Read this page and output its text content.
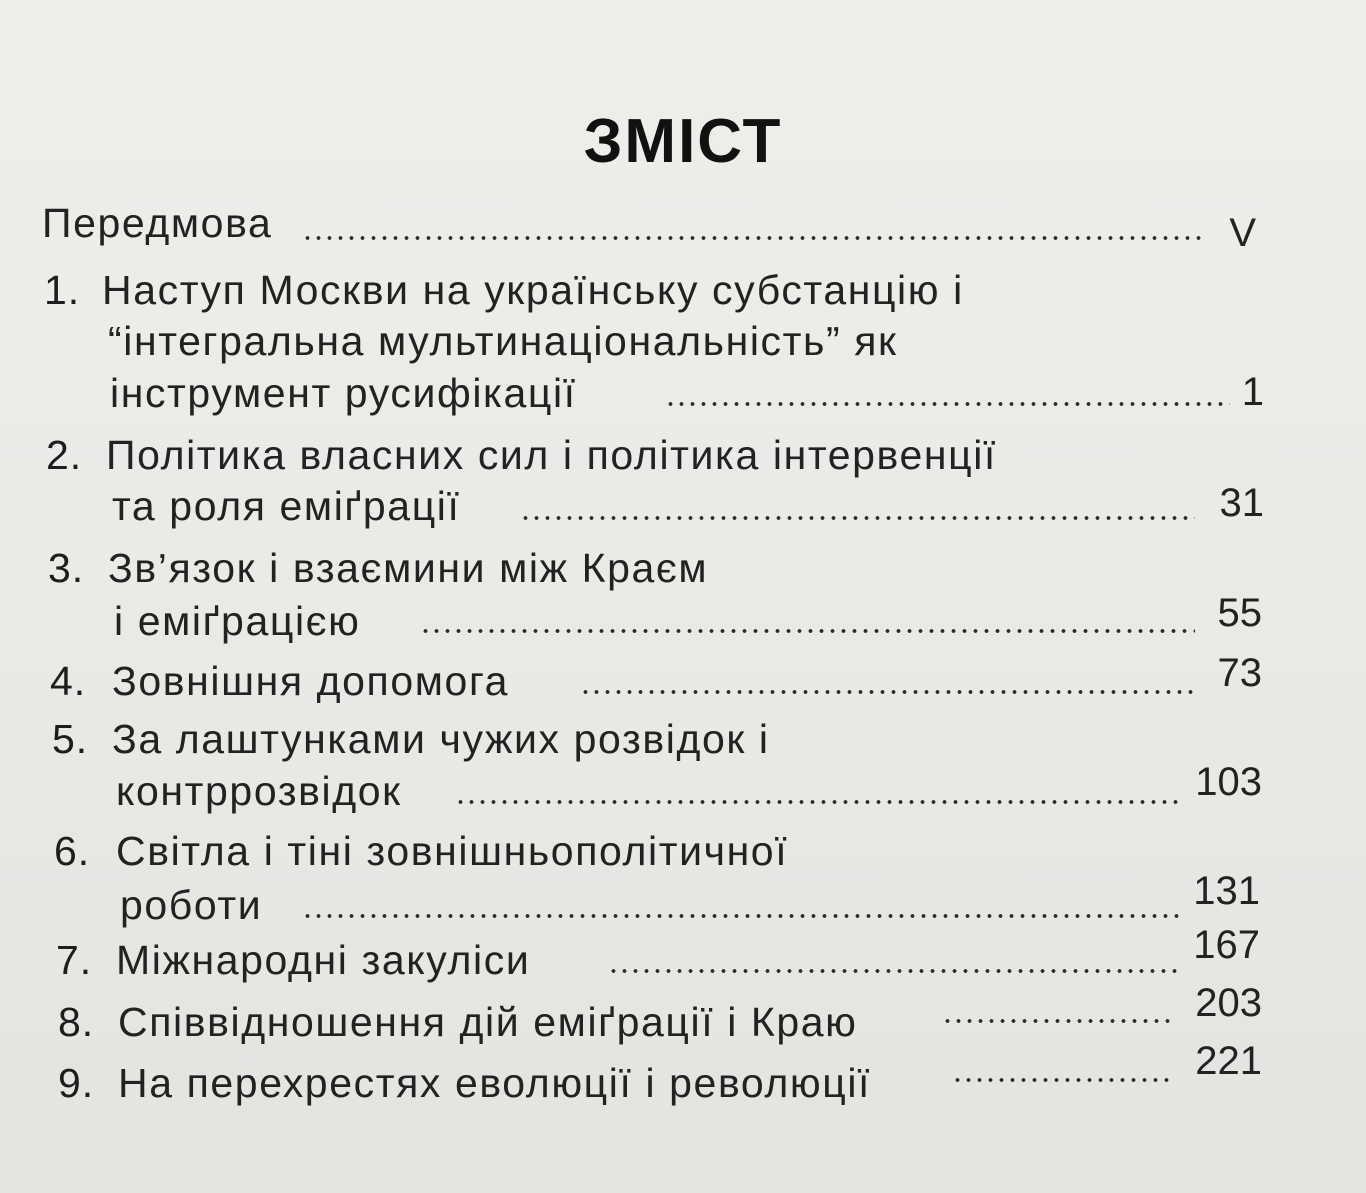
ЗМІСТ
Передмова	V
1. Наступ Москви на українську субстанцію і
“інтегральна мультинаціональність” як
інструмент русифікації	1
2. Політика власних сил і політика інтервенції
та роля еміґрації	31
3. Зв’язок і взаємини між Краєм
і еміґрацією	55
4. Зовнішня допомога	73
5. За лаштунками чужих розвідок і
контррозвідок	103
6. Світла і тіні зовнішньополітичної
роботи	131
7. Міжнародні закуліси	167
8. Співвідношення дій еміґрації і Краю	203
9. На перехрестях еволюції і революції	221
